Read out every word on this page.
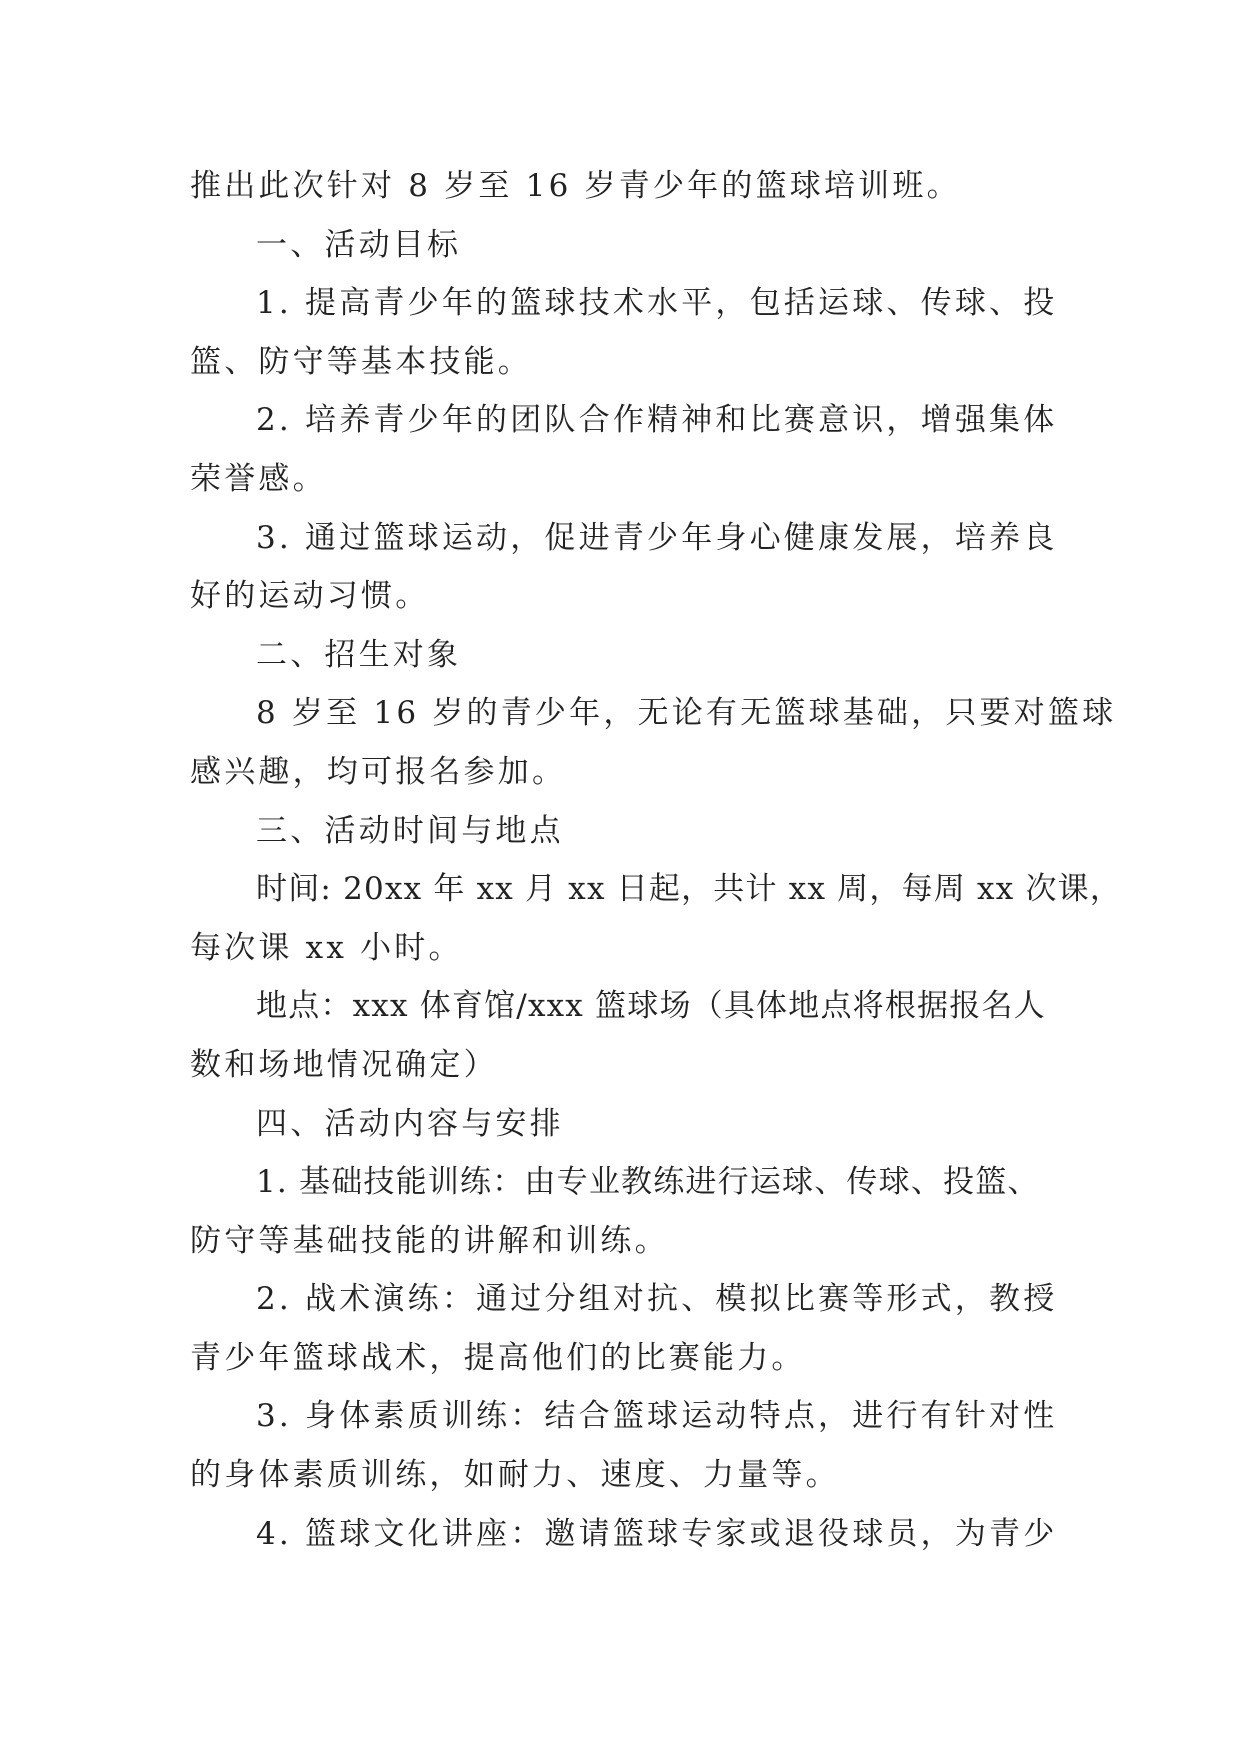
推出此次针对 8 岁至 16 岁青少年的篮球培训班。
一、活动目标
1. 提高青少年的篮球技术水平，包括运球、传球、投
篮、防守等基本技能。
2. 培养青少年的团队合作精神和比赛意识，增强集体
荣誉感。
3. 通过篮球运动，促进青少年身心健康发展，培养良
好的运动习惯。
二、招生对象
8 岁至 16 岁的青少年，无论有无篮球基础，只要对篮球
感兴趣，均可报名参加。
三、活动时间与地点
时间: 20xx 年 xx 月 xx 日起，共计 xx 周，每周 xx 次课，
每次课 xx 小时。
地点：xxx 体育馆/xxx 篮球场（具体地点将根据报名人
数和场地情况确定）
四、活动内容与安排
1. 基础技能训练：由专业教练进行运球、传球、投篮、
防守等基础技能的讲解和训练。
2. 战术演练：通过分组对抗、模拟比赛等形式，教授
青少年篮球战术，提高他们的比赛能力。
3. 身体素质训练：结合篮球运动特点，进行有针对性
的身体素质训练，如耐力、速度、力量等。
4. 篮球文化讲座：邀请篮球专家或退役球员，为青少
